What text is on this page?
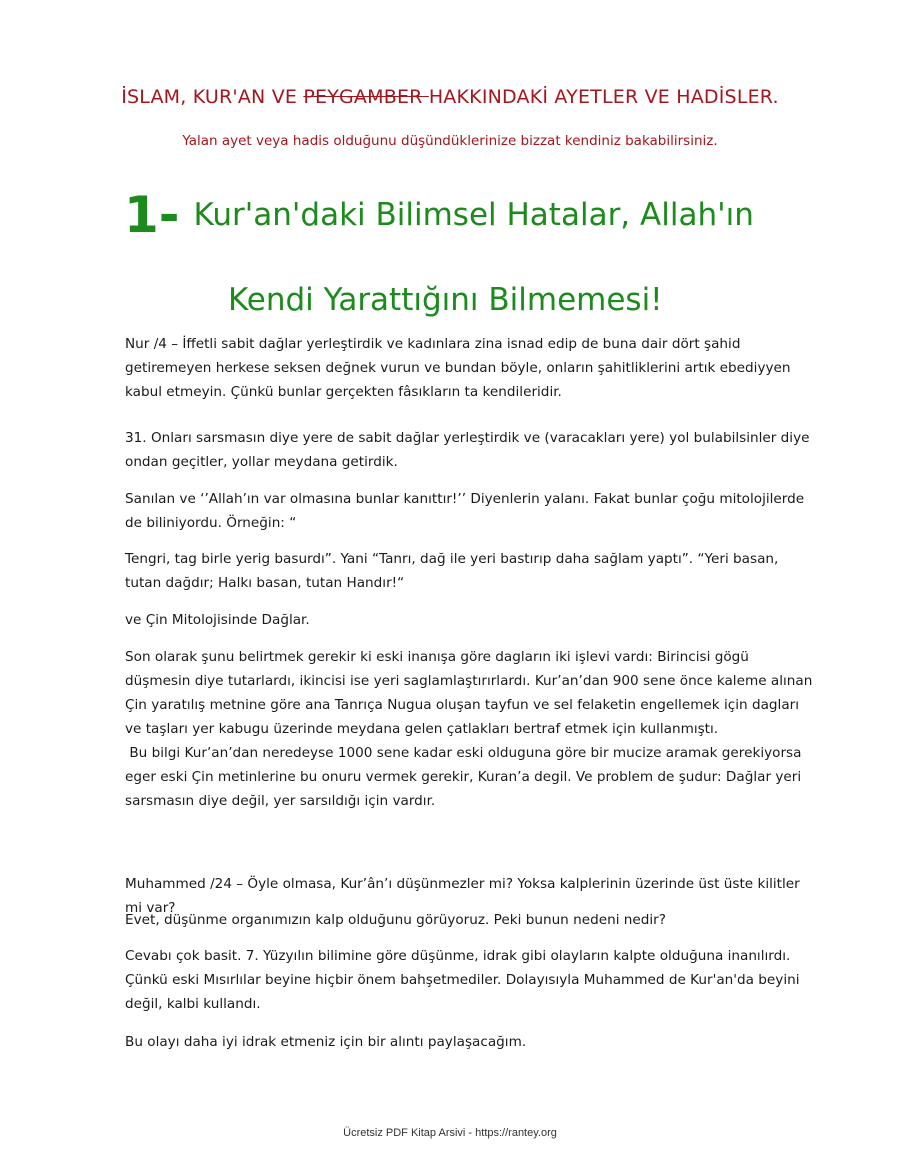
İSLAM, KUR'AN VE PEYGAMBER HAKKINDAKİ AYETLER VE HADİSLER.
Yalan ayet veya hadis olduğunu düşündüklerinize bizzat kendiniz bakabilirsiniz.
1- Kur'an'daki Bilimsel Hatalar, Allah'ın
Kendi Yarattığını Bilmemesi!

Nur /4 – İffetli sabit dağlar yerleştirdik ve kadınlara zina isnad edip de buna dair dört şahid getiremeyen herkese seksen değnek vurun ve bundan böyle, onların şahitliklerini artık ebediyyen kabul etmeyin. Çünkü bunlar gerçekten fâsıkların ta kendileridir.

31. Onları sarsmasın diye yere de sabit dağlar yerleştirdik ve (varacakları yere) yol bulabilsinler diye ondan geçitler, yollar meydana getirdik.

Sanılan ve ‘’Allah’ın var olmasına bunlar kanıttır!’’ Diyenlerin yalanı. Fakat bunlar çoğu mitolojilerde de biliniyordu. Örneğin: “

Tengri, tag birle yerig basurdı”. Yani “Tanrı, dağ ile yeri bastırıp daha sağlam yaptı”. “Yeri basan, tutan dağdır; Halkı basan, tutan Handır!“

ve Çin Mitolojisinde Dağlar.

Son olarak şunu belirtmek gerekir ki eski inanışa göre dagların iki işlevi vardı: Birincisi gögü düşmesin diye tutarlardı, ikincisi ise yeri saglamlaştırırlardı. Kur’an’dan 900 sene önce kaleme alınan Çin yaratılış metnine göre ana Tanrıça Nugua oluşan tayfun ve sel felaketin engellemek için dagları ve taşları yer kabugu üzerinde meydana gelen çatlakları bertraf etmek için kullanmıştı.

Bu bilgi Kur’an’dan neredeyse 1000 sene kadar eski olduguna göre bir mucize aramak gerekiyorsa eger eski Çin metinlerine bu onuru vermek gerekir, Kuran’a degil. Ve problem de şudur: Dağlar yeri sarsmasın diye değil, yer sarsıldığı için vardır.

Muhammed /24 – Öyle olmasa, Kur’ân’ı düşünmezler mi? Yoksa kalplerinin üzerinde üst üste kilitler mi var?

Evet, düşünme organımızın kalp olduğunu görüyoruz. Peki bunun nedeni nedir?

Cevabı çok basit. 7. Yüzyılın bilimine göre düşünme, idrak gibi olayların kalpte olduğuna inanılırdı. Çünkü eski Mısırlılar beyine hiçbir önem bahşetmediler. Dolayısıyla Muhammed de Kur'an'da beyini değil, kalbi kullandı.

Bu olayı daha iyi idrak etmeniz için bir alıntı paylaşacağım.

Ücretsiz PDF Kitap Arsivi - https://rantey.org
